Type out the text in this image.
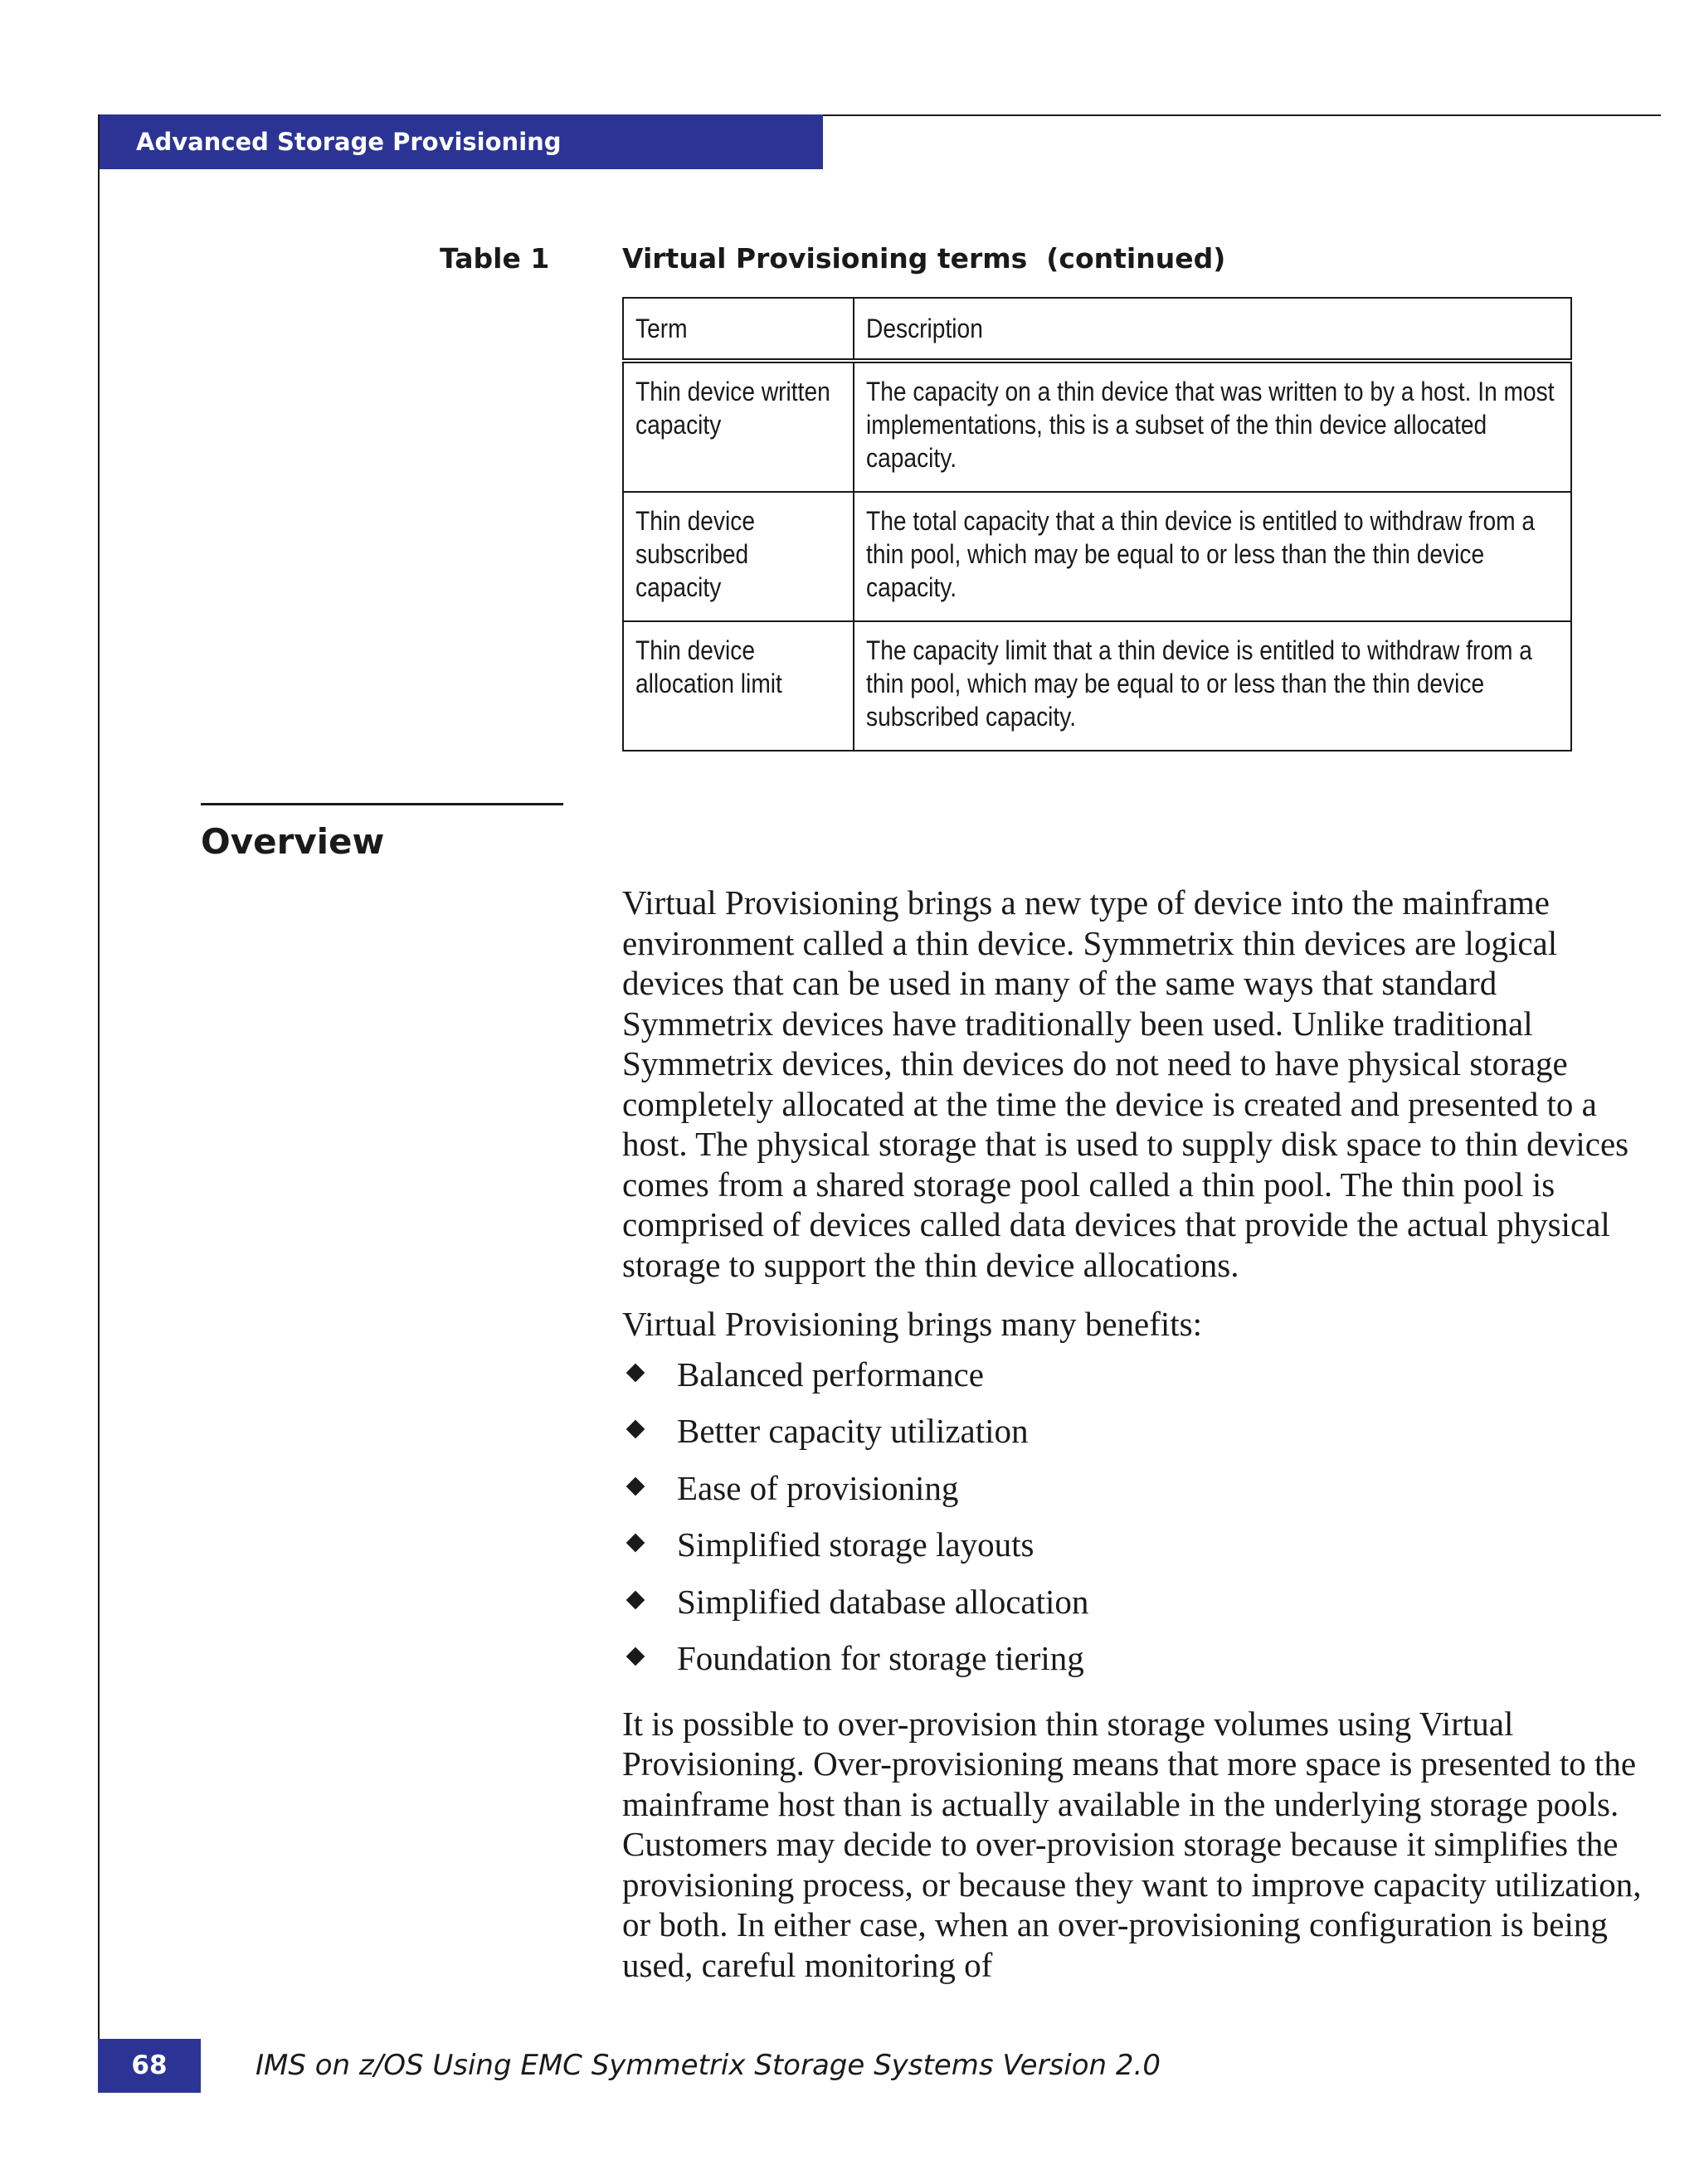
Advanced Storage Provisioning
Table 1	Virtual Provisioning terms  (continued)
Term	Description
Thin device written capacity	The capacity on a thin device that was written to by a host. In most implementations, this is a subset of the thin device allocated capacity.
Thin device subscribed capacity	The total capacity that a thin device is entitled to withdraw from a thin pool, which may be equal to or less than the thin device capacity.
Thin device allocation limit	The capacity limit that a thin device is entitled to withdraw from a thin pool, which may be equal to or less than the thin device subscribed capacity.
Overview

Virtual Provisioning brings a new type of device into the mainframe environment called a thin device. Symmetrix thin devices are logical devices that can be used in many of the same ways that standard Symmetrix devices have traditionally been used. Unlike traditional Symmetrix devices, thin devices do not need to have physical storage completely allocated at the time the device is created and presented to a host. The physical storage that is used to supply disk space to thin devices comes from a shared storage pool called a thin pool. The thin pool is comprised of devices called data devices that provide the actual physical storage to support the thin device allocations.

Virtual Provisioning brings many benefits:

Balanced performance
Better capacity utilization
Ease of provisioning
Simplified storage layouts
Simplified database allocation
Foundation for storage tiering

It is possible to over-provision thin storage volumes using Virtual Provisioning. Over-provisioning means that more space is presented to the mainframe host than is actually available in the underlying storage pools. Customers may decide to over-provision storage because it simplifies the provisioning process, or because they want to improve capacity utilization, or both. In either case, when an over-provisioning configuration is being used, careful monitoring of

68	IMS on z/OS Using EMC Symmetrix Storage Systems Version 2.0
